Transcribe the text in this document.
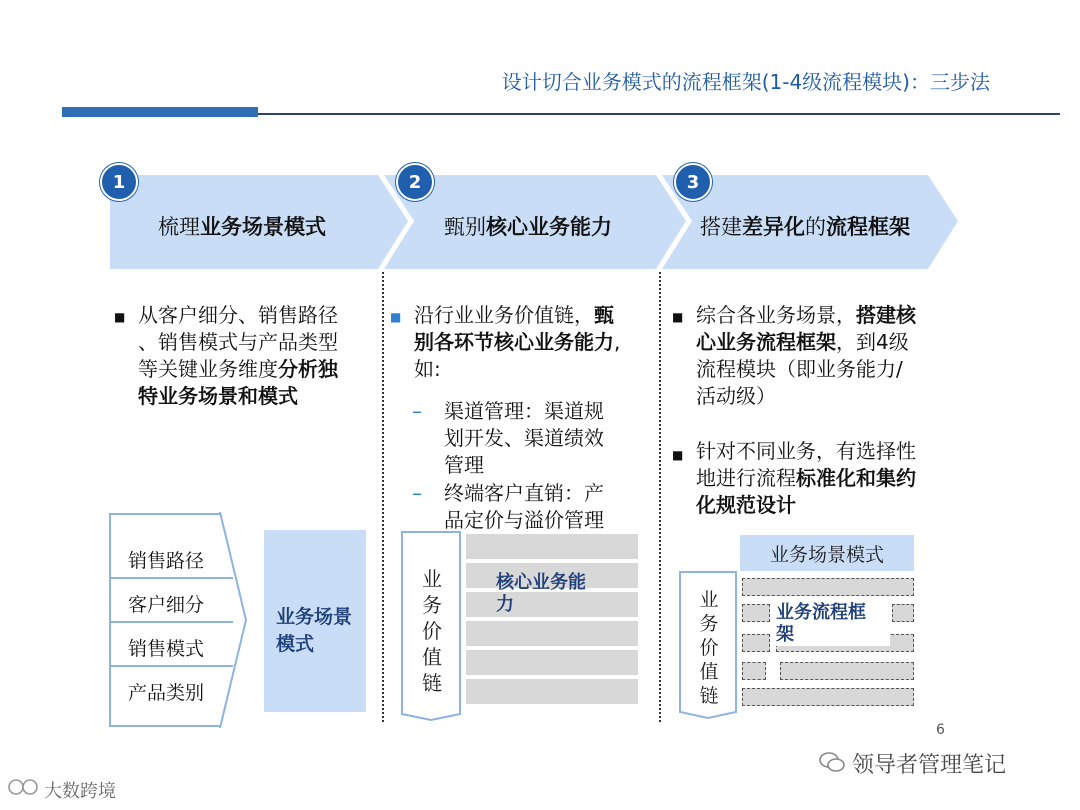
设计切合业务模式的流程框架(1-4级流程模块)：三步法
1	2	3
梳理业务场景模式	甄别核心业务能力	搭建差异化的流程框架
■ 从客户细分、销售路径
、销售模式与产品类型
等关键业务维度分析独
特业务场景和模式
销售路径
客户细分
销售模式
产品类别
业务场景
模式
■ 沿行业业务价值链，甄
别各环节核心业务能力,
如:
– 渠道管理：渠道规
划开发、渠道绩效
管理
– 终端客户直销：产
品定价与溢价管理
业
务
价
值
链
核心业务能
力
■ 综合各业务场景，搭建核
心业务流程框架，到4级
流程模块（即业务能力/
活动级）
■ 针对不同业务，有选择性
地进行流程标准化和集约
化规范设计
业务场景模式
业
务
价
值
链
业务流程框
架
6
领导者管理笔记
大数跨境
